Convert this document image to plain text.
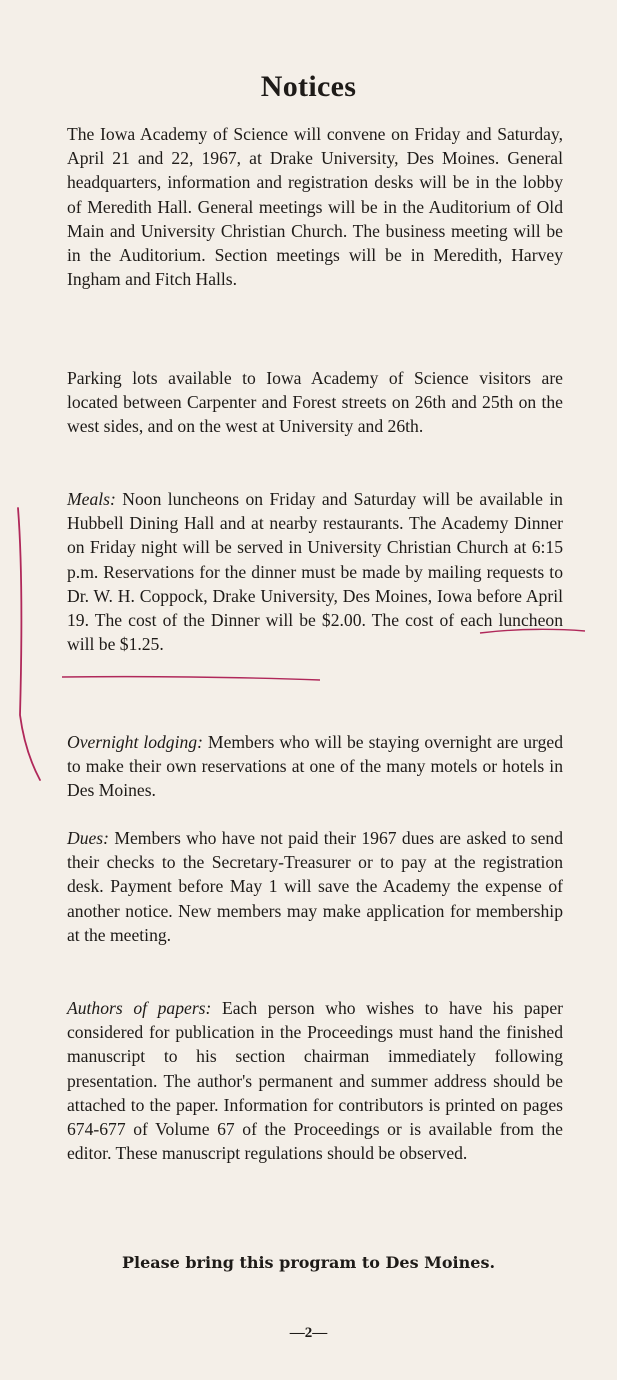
Notices

The Iowa Academy of Science will convene on Friday and Saturday, April 21 and 22, 1967, at Drake University, Des Moines. General headquarters, information and registration desks will be in the lobby of Meredith Hall. General meetings will be in the Auditorium of Old Main and University Christian Church. The business meeting will be in the Auditorium. Section meetings will be in Meredith, Harvey Ingham and Fitch Halls.

Parking lots available to Iowa Academy of Science visitors are located between Carpenter and Forest streets on 26th and 25th on the west sides, and on the west at University and 26th.

Meals: Noon luncheons on Friday and Saturday will be available in Hubbell Dining Hall and at nearby restaurants. The Academy Dinner on Friday night will be served in University Christian Church at 6:15 p.m. Reservations for the dinner must be made by mailing requests to Dr. W. H. Coppock, Drake University, Des Moines, Iowa before April 19. The cost of the Dinner will be $2.00. The cost of each luncheon will be $1.25.

Overnight lodging: Members who will be staying overnight are urged to make their own reservations at one of the many motels or hotels in Des Moines.

Dues: Members who have not paid their 1967 dues are asked to send their checks to the Secretary-Treasurer or to pay at the registration desk. Payment before May 1 will save the Academy the expense of another notice. New members may make application for membership at the meeting.

Authors of papers: Each person who wishes to have his paper considered for publication in the Proceedings must hand the finished manuscript to his section chairman immediately following presentation. The author's permanent and summer address should be attached to the paper. Information for contributors is printed on pages 674-677 of Volume 67 of the Proceedings or is available from the editor. These manuscript regulations should be observed.

Please bring this program to Des Moines.
—2—
